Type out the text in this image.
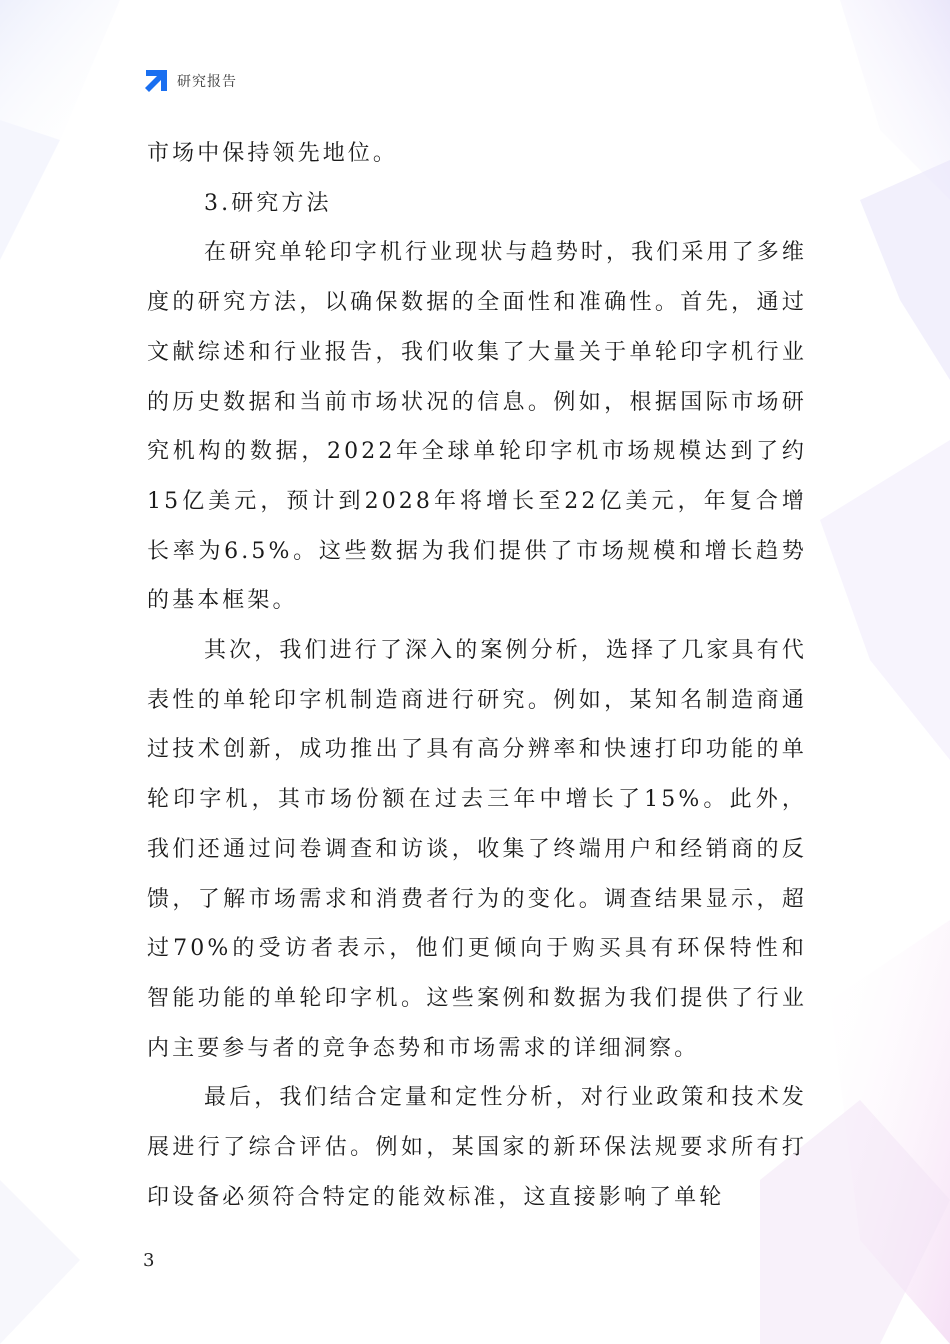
研究报告

市场中保持领先地位。

3.研究方法

在研究单轮印字机行业现状与趋势时，我们采用了多维度的研究方法，以确保数据的全面性和准确性。首先，通过文献综述和行业报告，我们收集了大量关于单轮印字机行业的历史数据和当前市场状况的信息。例如，根据国际市场研究机构的数据，2022年全球单轮印字机市场规模达到了约15亿美元，预计到2028年将增长至22亿美元，年复合增长率为6.5%。这些数据为我们提供了市场规模和增长趋势的基本框架。

其次，我们进行了深入的案例分析，选择了几家具有代表性的单轮印字机制造商进行研究。例如，某知名制造商通过技术创新，成功推出了具有高分辨率和快速打印功能的单轮印字机，其市场份额在过去三年中增长了15%。此外，我们还通过问卷调查和访谈，收集了终端用户和经销商的反馈，了解市场需求和消费者行为的变化。调查结果显示，超过70%的受访者表示，他们更倾向于购买具有环保特性和智能功能的单轮印字机。这些案例和数据为我们提供了行业内主要参与者的竞争态势和市场需求的详细洞察。

最后，我们结合定量和定性分析，对行业政策和技术发展进行了综合评估。例如，某国家的新环保法规要求所有打印设备必须符合特定的能效标准，这直接影响了单轮

3
